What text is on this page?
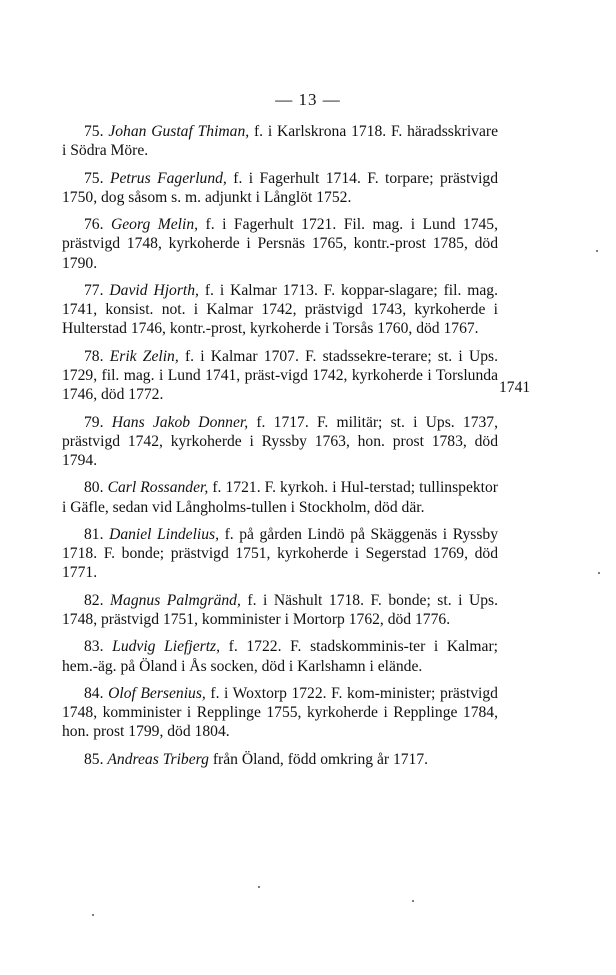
— 13 —

75. Johan Gustaf Thiman, f. i Karlskrona 1718. F. häradsskrivare i Södra Möre.

75. Petrus Fagerlund, f. i Fagerhult 1714. F. torpare; prästvigd 1750, dog såsom s. m. adjunkt i Långlöt 1752.

76. Georg Melin, f. i Fagerhult 1721. Fil. mag. i Lund 1745, prästvigd 1748, kyrkoherde i Persnäs 1765, kontr.-prost 1785, död 1790.

77. David Hjorth, f. i Kalmar 1713. F. koppar-slagare; fil. mag. 1741, konsist. not. i Kalmar 1742, prästvigd 1743, kyrkoherde i Hulterstad 1746, kontr.-prost, kyrkoherde i Torsås 1760, död 1767.

78. Erik Zelin, f. i Kalmar 1707. F. stadssekre-terare; st. i Ups. 1729, fil. mag. i Lund 1741, präst-vigd 1742, kyrkoherde i Torslunda 1746, död 1772.

79. Hans Jakob Donner, f. 1717. F. militär; st. i Ups. 1737, prästvigd 1742, kyrkoherde i Ryssby 1763, hon. prost 1783, död 1794.

80. Carl Rossander, f. 1721. F. kyrkoh. i Hul-terstad; tullinspektor i Gäfle, sedan vid Långholms-tullen i Stockholm, död där.

81. Daniel Lindelius, f. på gården Lindö på Skäggenäs i Ryssby 1718. F. bonde; prästvigd 1751, kyrkoherde i Segerstad 1769, död 1771.

82. Magnus Palmgränd, f. i Näshult 1718. F. bonde; st. i Ups. 1748, prästvigd 1751, komminister i Mortorp 1762, död 1776.

83. Ludvig Liefjertz, f. 1722. F. stadskomminis-ter i Kalmar; hem.-äg. på Öland i Ås socken, död i Karlshamn i elände.

84. Olof Bersenius, f. i Woxtorp 1722. F. kom-minister; prästvigd 1748, komminister i Repplinge 1755, kyrkoherde i Repplinge 1784, hon. prost 1799, död 1804.

85. Andreas Triberg från Öland, född omkring år 1717.

1741
